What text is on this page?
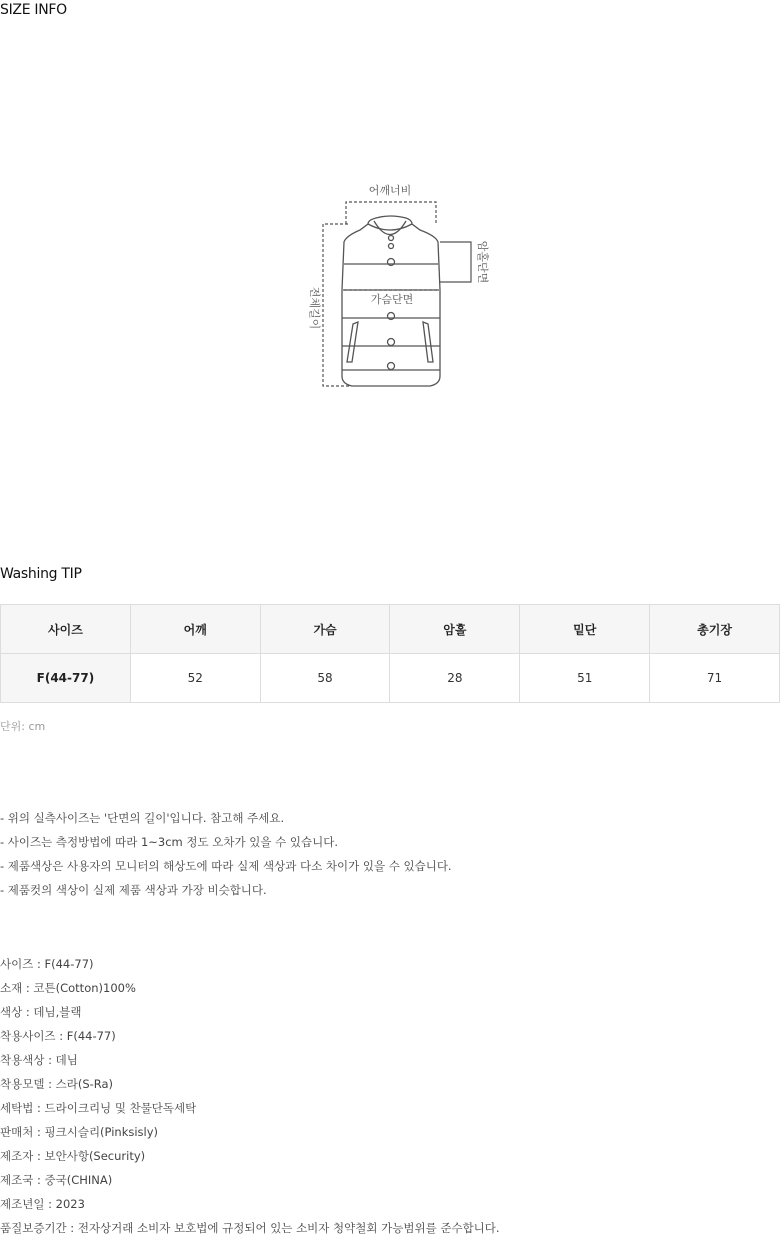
SIZE INFO
어깨너비
암홀단면
전체길이	가슴단면
Washing TIP
사이즈	어깨	가슴	암홀	밑단	총기장
F(44-77)	52	58	28	51	71
단위: cm
- 위의 실측사이즈는 '단면의 길이'입니다. 참고해 주세요.
- 사이즈는 측정방법에 따라 1~3cm 정도 오차가 있을 수 있습니다.
- 제품색상은 사용자의 모니터의 해상도에 따라 실제 색상과 다소 차이가 있을 수 있습니다.
- 제품컷의 색상이 실제 제품 색상과 가장 비슷합니다.
사이즈 : F(44-77)
소재 : 코튼(Cotton)100%
색상 : 데님,블랙
착용사이즈 : F(44-77)
착용색상 : 데님
착용모델 : 스라(S-Ra)
세탁법 : 드라이크리닝 및 찬물단독세탁
판매처 : 핑크시슬리(Pinksisly)
제조자 : 보안사항(Security)
제조국 : 중국(CHINA)
제조년일 : 2023
품질보증기간 : 전자상거래 소비자 보호법에 규정되어 있는 소비자 청약철회 가능범위를 준수합니다.
